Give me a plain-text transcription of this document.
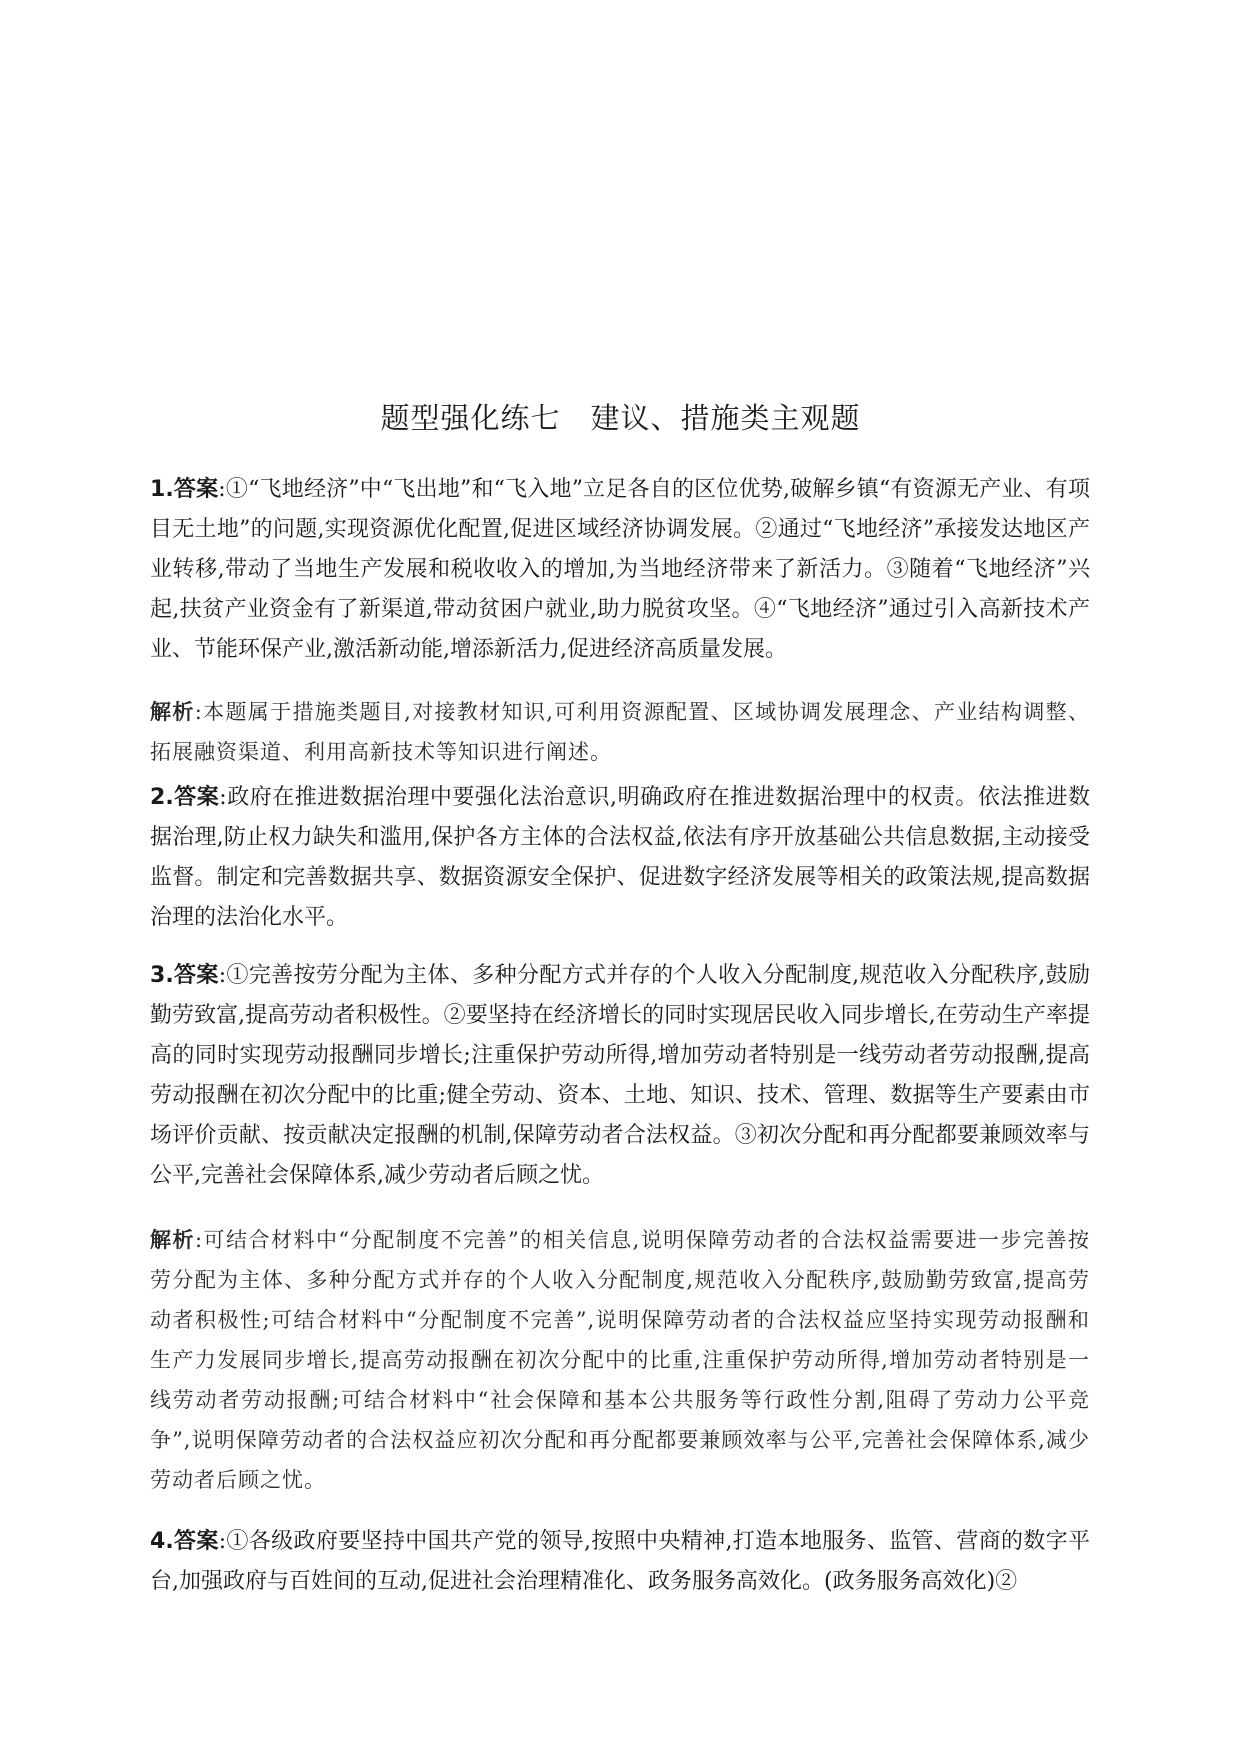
题型强化练七　建议、措施类主观题
1.答案:①“飞地经济”中“飞出地”和“飞入地”立足各自的区位优势,破解乡镇“有资源无产业、有项目无土地”的问题,实现资源优化配置,促进区域经济协调发展。②通过“飞地经济”承接发达地区产业转移,带动了当地生产发展和税收收入的增加,为当地经济带来了新活力。③随着“飞地经济”兴起,扶贫产业资金有了新渠道,带动贫困户就业,助力脱贫攻坚。④“飞地经济”通过引入高新技术产业、节能环保产业,激活新动能,增添新活力,促进经济高质量发展。
解析:本题属于措施类题目,对接教材知识,可利用资源配置、区域协调发展理念、产业结构调整、拓展融资渠道、利用高新技术等知识进行阐述。
2.答案:政府在推进数据治理中要强化法治意识,明确政府在推进数据治理中的权责。依法推进数据治理,防止权力缺失和滥用,保护各方主体的合法权益,依法有序开放基础公共信息数据,主动接受监督。制定和完善数据共享、数据资源安全保护、促进数字经济发展等相关的政策法规,提高数据治理的法治化水平。
3.答案:①完善按劳分配为主体、多种分配方式并存的个人收入分配制度,规范收入分配秩序,鼓励勤劳致富,提高劳动者积极性。②要坚持在经济增长的同时实现居民收入同步增长,在劳动生产率提高的同时实现劳动报酬同步增长;注重保护劳动所得,增加劳动者特别是一线劳动者劳动报酬,提高劳动报酬在初次分配中的比重;健全劳动、资本、土地、知识、技术、管理、数据等生产要素由市场评价贡献、按贡献决定报酬的机制,保障劳动者合法权益。③初次分配和再分配都要兼顾效率与公平,完善社会保障体系,减少劳动者后顾之忧。
解析:可结合材料中“分配制度不完善”的相关信息,说明保障劳动者的合法权益需要进一步完善按劳分配为主体、多种分配方式并存的个人收入分配制度,规范收入分配秩序,鼓励勤劳致富,提高劳动者积极性;可结合材料中“分配制度不完善”,说明保障劳动者的合法权益应坚持实现劳动报酬和生产力发展同步增长,提高劳动报酬在初次分配中的比重,注重保护劳动所得,增加劳动者特别是一线劳动者劳动报酬;可结合材料中“社会保障和基本公共服务等行政性分割,阻碍了劳动力公平竞争”,说明保障劳动者的合法权益应初次分配和再分配都要兼顾效率与公平,完善社会保障体系,减少劳动者后顾之忧。
4.答案:①各级政府要坚持中国共产党的领导,按照中央精神,打造本地服务、监管、营商的数字平台,加强政府与百姓间的互动,促进社会治理精准化、政务服务高效化。(政务服务高效化)②
